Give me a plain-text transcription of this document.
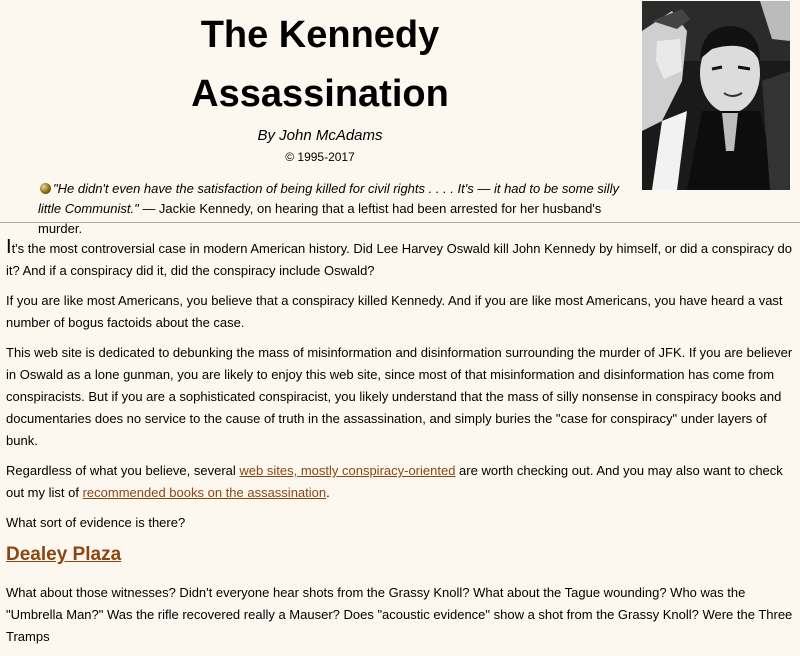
The Kennedy Assassination

By John McAdams

© 1995-2017

"He didn't even have the satisfaction of being killed for civil rights . . . . It's — it had to be some silly little Communist." — Jackie Kennedy, on hearing that a leftist had been arrested for her husband's murder.

It's the most controversial case in modern American history. Did Lee Harvey Oswald kill John Kennedy by himself, or did a conspiracy do it? And if a conspiracy did it, did the conspiracy include Oswald?

If you are like most Americans, you believe that a conspiracy killed Kennedy. And if you are like most Americans, you have heard a vast number of bogus factoids about the case.

This web site is dedicated to debunking the mass of misinformation and disinformation surrounding the murder of JFK. If you are believer in Oswald as a lone gunman, you are likely to enjoy this web site, since most of that misinformation and disinformation has come from conspiracists. But if you are a sophisticated conspiracist, you likely understand that the mass of silly nonsense in conspiracy books and documentaries does no service to the cause of truth in the assassination, and simply buries the "case for conspiracy" under layers of bunk.

Regardless of what you believe, several web sites, mostly conspiracy-oriented are worth checking out. And you may also want to check out my list of recommended books on the assassination.

What sort of evidence is there?

Dealey Plaza

What about those witnesses? Didn't everyone hear shots from the Grassy Knoll? What about the Tague wounding? Who was the "Umbrella Man?" Was the rifle recovered really a Mauser? Does "acoustic evidence" show a shot from the Grassy Knoll? Were the Three Tramps
